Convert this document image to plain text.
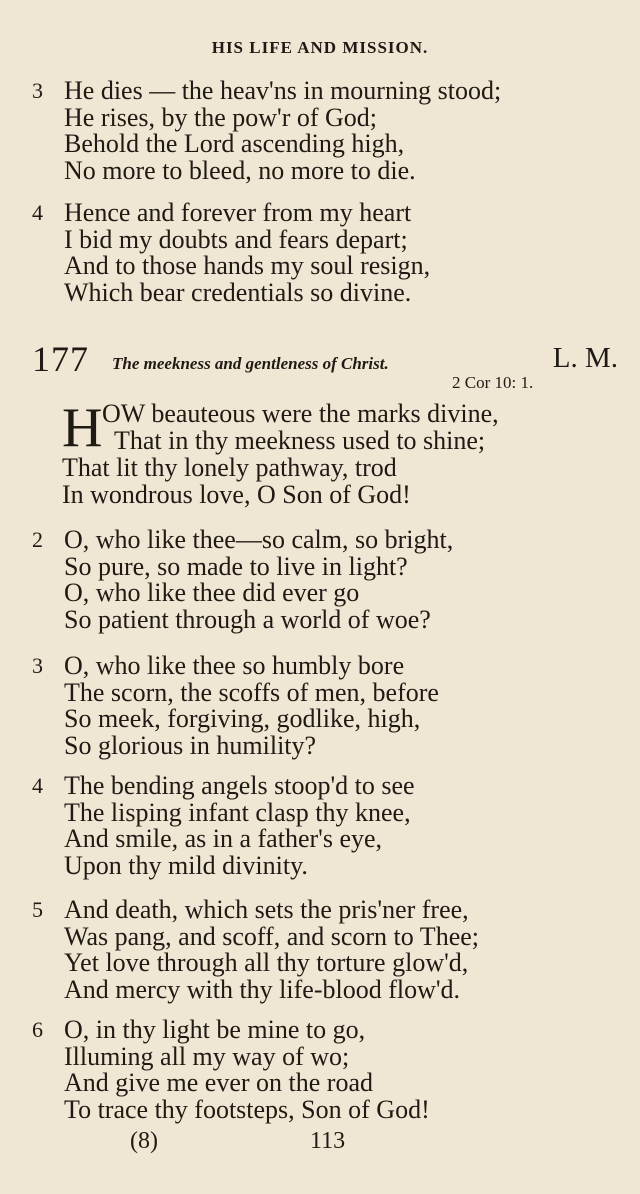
HIS LIFE AND MISSION.
3 He dies — the heav'ns in mourning stood;
He rises, by the pow'r of God;
Behold the Lord ascending high,
No more to bleed, no more to die.
4 Hence and forever from my heart
I bid my doubts and fears depart;
And to those hands my soul resign,
Which bear credentials so divine.
177 The meekness and gentleness of Christ.	L. M.
2 Cor 10: 1.
H OW beauteous were the marks divine,
That in thy meekness used to shine;
That lit thy lonely pathway, trod
In wondrous love, O Son of God!
2 O, who like thee—so calm, so bright,
So pure, so made to live in light?
O, who like thee did ever go
So patient through a world of woe?
3 O, who like thee so humbly bore
The scorn, the scoffs of men, before
So meek, forgiving, godlike, high,
So glorious in humility?
4 The bending angels stoop'd to see
The lisping infant clasp thy knee,
And smile, as in a father's eye,
Upon thy mild divinity.
5 And death, which sets the pris'ner free,
Was pang, and scoff, and scorn to Thee;
Yet love through all thy torture glow'd,
And mercy with thy life-blood flow'd.
6 O, in thy light be mine to go,
Illuming all my way of wo;
And give me ever on the road
To trace thy footsteps, Son of God!
(8)	113
